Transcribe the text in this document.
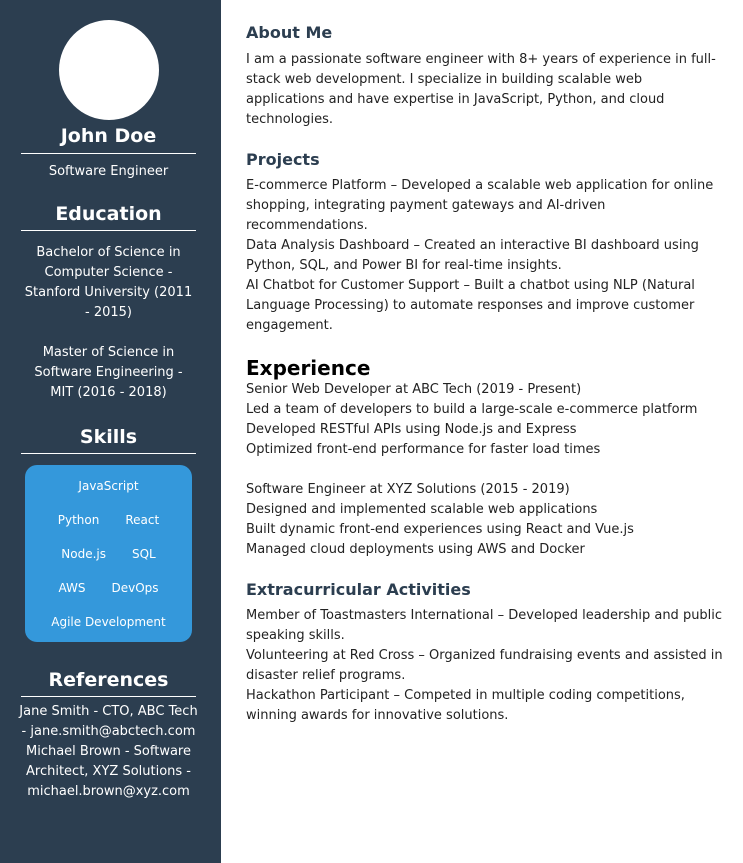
John Doe
Software Engineer
Education
Bachelor of Science in Computer Science - Stanford University (2011 - 2015)
Master of Science in Software Engineering - MIT (2016 - 2018)
Skills
JavaScript
Python React
Node.js SQL
AWS DevOps
Agile Development
References
Jane Smith - CTO, ABC Tech - jane.smith@abctech.com
Michael Brown - Software Architect, XYZ Solutions - michael.brown@xyz.com
About Me

I am a passionate software engineer with 8+ years of experience in full-stack web development. I specialize in building scalable web applications and have expertise in JavaScript, Python, and cloud technologies.

Projects

E-commerce Platform – Developed a scalable web application for online shopping, integrating payment gateways and AI-driven recommendations.

Data Analysis Dashboard – Created an interactive BI dashboard using Python, SQL, and Power BI for real-time insights.

AI Chatbot for Customer Support – Built a chatbot using NLP (Natural Language Processing) to automate responses and improve customer engagement.

Experience

Senior Web Developer at ABC Tech (2019 - Present)

Led a team of developers to build a large-scale e-commerce platform

Developed RESTful APIs using Node.js and Express

Optimized front-end performance for faster load times

Software Engineer at XYZ Solutions (2015 - 2019)

Designed and implemented scalable web applications

Built dynamic front-end experiences using React and Vue.js

Managed cloud deployments using AWS and Docker

Extracurricular Activities

Member of Toastmasters International – Developed leadership and public speaking skills.

Volunteering at Red Cross – Organized fundraising events and assisted in disaster relief programs.

Hackathon Participant – Competed in multiple coding competitions, winning awards for innovative solutions.
